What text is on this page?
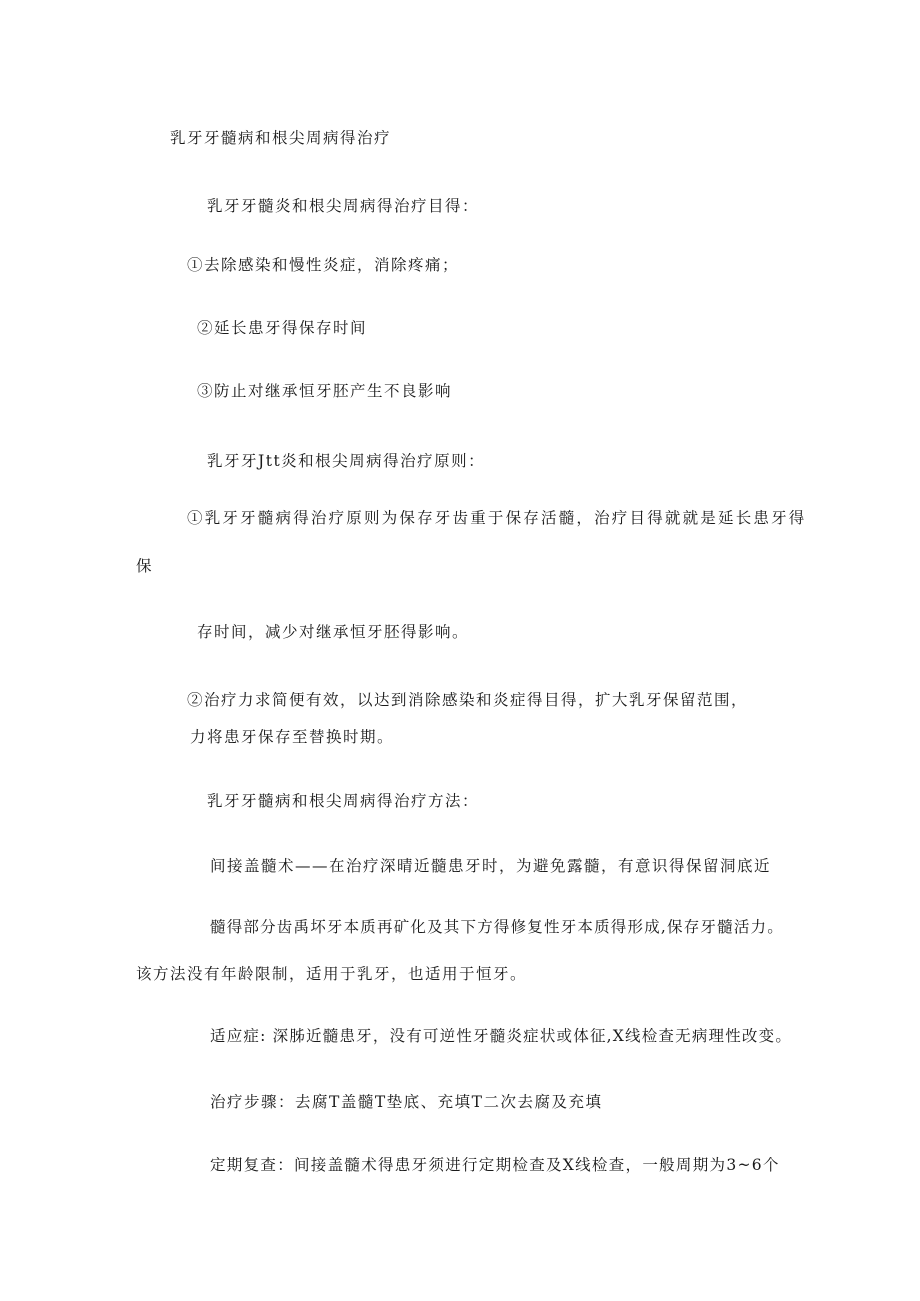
乳牙牙髓病和根尖周病得治疗
乳牙牙髓炎和根尖周病得治疗目得：
①去除感染和慢性炎症，消除疼痛；
②延长患牙得保存时间
③防止对继承恒牙胚产生不良影响
乳牙牙Jtt炎和根尖周病得治疗原则：
①乳牙牙髓病得治疗原则为保存牙齿重于保存活髓，治疗目得就就是延长患牙得
保
存时间，减少对继承恒牙胚得影响。
②治疗力求简便有效，以达到消除感染和炎症得目得，扩大乳牙保留范围，
力将患牙保存至替换时期。
乳牙牙髓病和根尖周病得治疗方法：
间接盖髓术——在治疗深晴近髓患牙时，为避免露髓，有意识得保留洞底近
髓得部分齿禹坏牙本质再矿化及其下方得修复性牙本质得形成,保存牙髓活力。
该方法没有年龄限制，适用于乳牙，也适用于恒牙。
适应症: 深胏近髓患牙，没有可逆性牙髓炎症状或体征,X线检查无病理性改变。
治疗步骤：去腐T盖髓T垫底、充填T二次去腐及充填
定期复查：间接盖髓术得患牙须进行定期检查及X线检查，一般周期为3~6个
